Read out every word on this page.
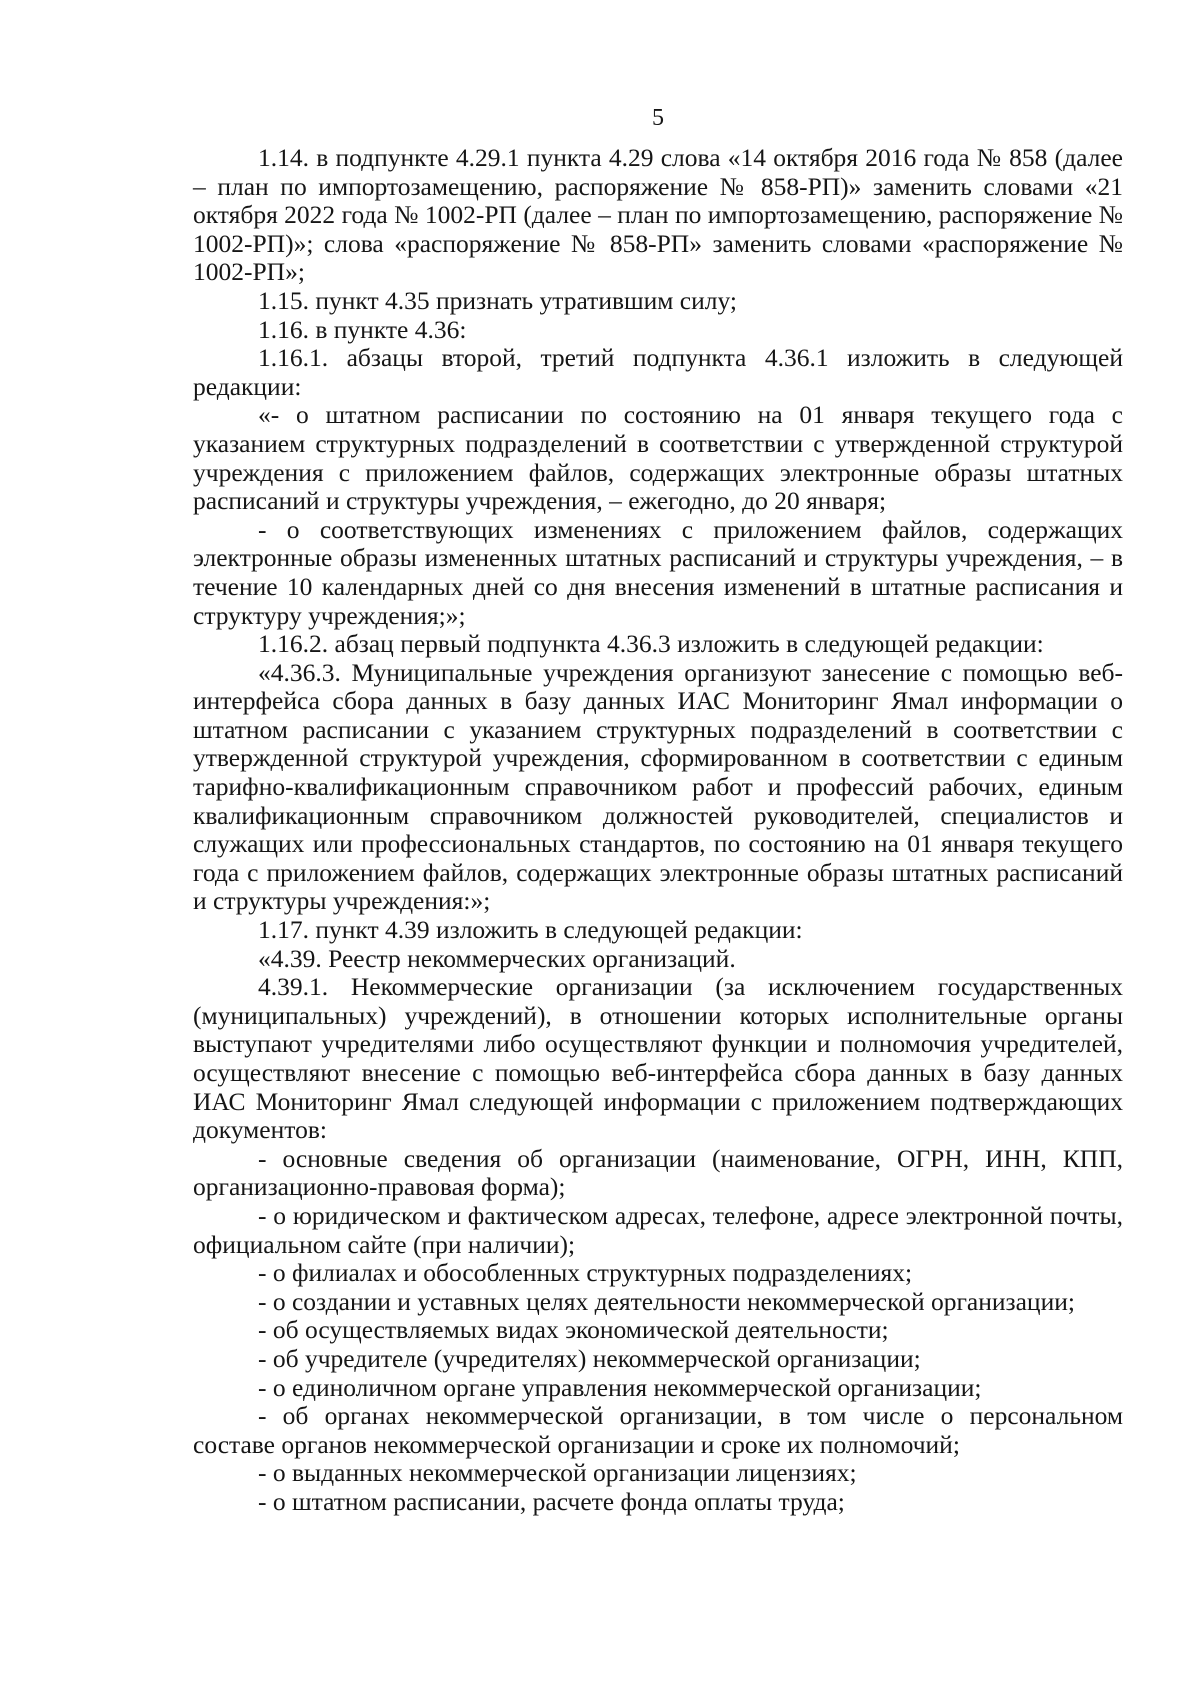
5

1.14. в подпункте 4.29.1 пункта 4.29 слова «14 октября 2016 года № 858 (далее – план по импортозамещению, распоряжение № 858-РП)» заменить словами «21 октября 2022 года № 1002-РП (далее – план по импортозамещению, распоряжение № 1002-РП)»; слова «распоряжение № 858-РП» заменить словами «распоряжение № 1002-РП»;

1.15. пункт 4.35 признать утратившим силу;

1.16. в пункте 4.36:

1.16.1. абзацы второй, третий подпункта 4.36.1 изложить в следующей редакции:

«- о штатном расписании по состоянию на 01 января текущего года с указанием структурных подразделений в соответствии с утвержденной структурой учреждения с приложением файлов, содержащих электронные образы штатных расписаний и структуры учреждения, – ежегодно, до 20 января;

- о соответствующих изменениях с приложением файлов, содержащих электронные образы измененных штатных расписаний и структуры учреждения, – в течение 10 календарных дней со дня внесения изменений в штатные расписания и структуру учреждения;»;

1.16.2. абзац первый подпункта 4.36.3 изложить в следующей редакции:

«4.36.3. Муниципальные учреждения организуют занесение с помощью веб-интерфейса сбора данных в базу данных ИАС Мониторинг Ямал информации о штатном расписании с указанием структурных подразделений в соответствии с утвержденной структурой учреждения, сформированном в соответствии с единым тарифно-квалификационным справочником работ и профессий рабочих, единым квалификационным справочником должностей руководителей, специалистов и служащих или профессиональных стандартов, по состоянию на 01 января текущего года с приложением файлов, содержащих электронные образы штатных расписаний и структуры учреждения:»;

1.17. пункт 4.39 изложить в следующей редакции:

«4.39. Реестр некоммерческих организаций.

4.39.1. Некоммерческие организации (за исключением государственных (муниципальных) учреждений), в отношении которых исполнительные органы выступают учредителями либо осуществляют функции и полномочия учредителей, осуществляют внесение с помощью веб-интерфейса сбора данных в базу данных ИАС Мониторинг Ямал следующей информации с приложением подтверждающих документов:

- основные сведения об организации (наименование, ОГРН, ИНН, КПП, организационно-правовая форма);

- о юридическом и фактическом адресах, телефоне, адресе электронной почты, официальном сайте (при наличии);

- о филиалах и обособленных структурных подразделениях;

- о создании и уставных целях деятельности некоммерческой организации;

- об осуществляемых видах экономической деятельности;

- об учредителе (учредителях) некоммерческой организации;

- о единоличном органе управления некоммерческой организации;

- об органах некоммерческой организации, в том числе о персональном составе органов некоммерческой организации и сроке их полномочий;

- о выданных некоммерческой организации лицензиях;

- о штатном расписании, расчете фонда оплаты труда;
